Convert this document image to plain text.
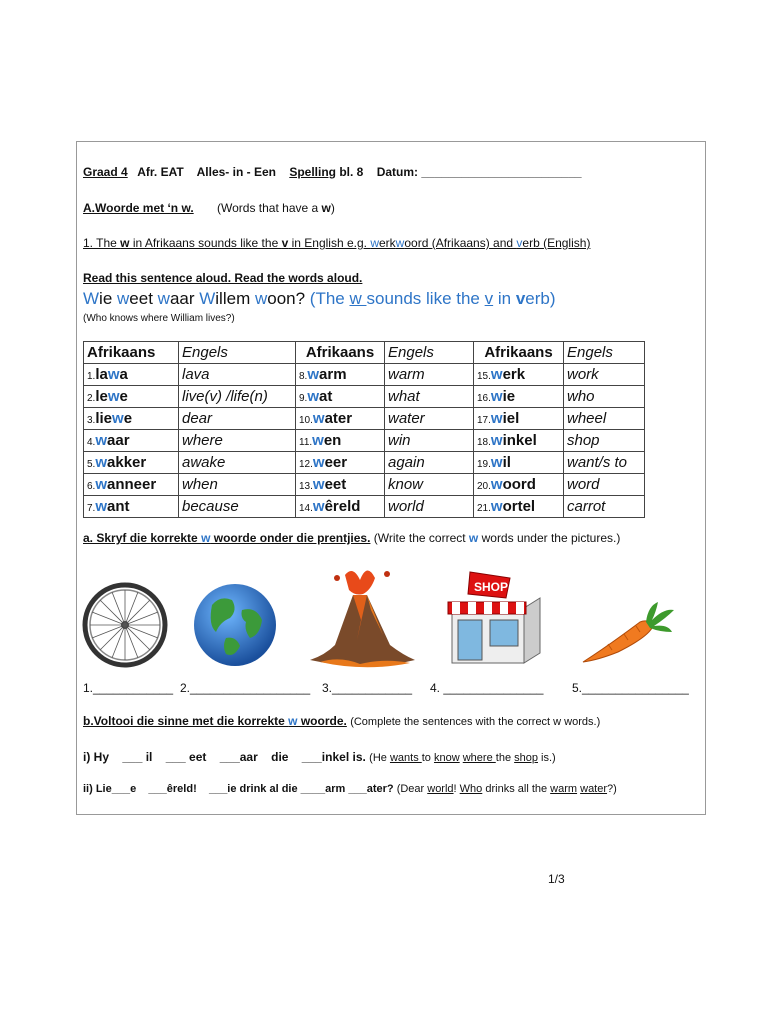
Graad 4 Afr. EAT Alles- in - Een Spelling bl. 8 Datum: ________________________
A.Woorde met ‘n w. (Words that have a w)
1. The w in Afrikaans sounds like the v in English e.g. werkwoord (Afrikaans) and verb (English)
Read this sentence aloud. Read the words aloud.
Wie weet waar Willem woon? (The w sounds like the v in verb)
(Who knows where William lives?)
Afrikaans	Engels	Afrikaans	Engels	Afrikaans	Engels
1.lawa	lava	8.warm	warm	15.werk	work
2.lewe	live(v) /life(n)	9.wat	what	16.wie	who
3.liewe	dear	10.water	water	17.wiel	wheel
4.waar	where	11.wen	win	18.winkel	shop
5.wakker	awake	12.weer	again	19.wil	want/s to
6.wanneer	when	13.weet	know	20.woord	word
7.want	because	14.wêreld	world	21.wortel	carrot
a. Skryf die korrekte w woorde onder die prentjies. (Write the correct w words under the pictures.)
SHOP
1.____________ 2.__________________ 3.____________ 4. _______________ 5.________________
b.Voltooi die sinne met die korrekte w woorde. (Complete the sentences with the correct w words.)
i) Hy    ___ il    ___ eet    ___aar    die    ___inkel is. (He wants to know where the shop is.)
ii) Lie___e    ___êreld!    ___ie drink al die ____arm ___ater? (Dear world! Who drinks all the warm water?)
1/3
